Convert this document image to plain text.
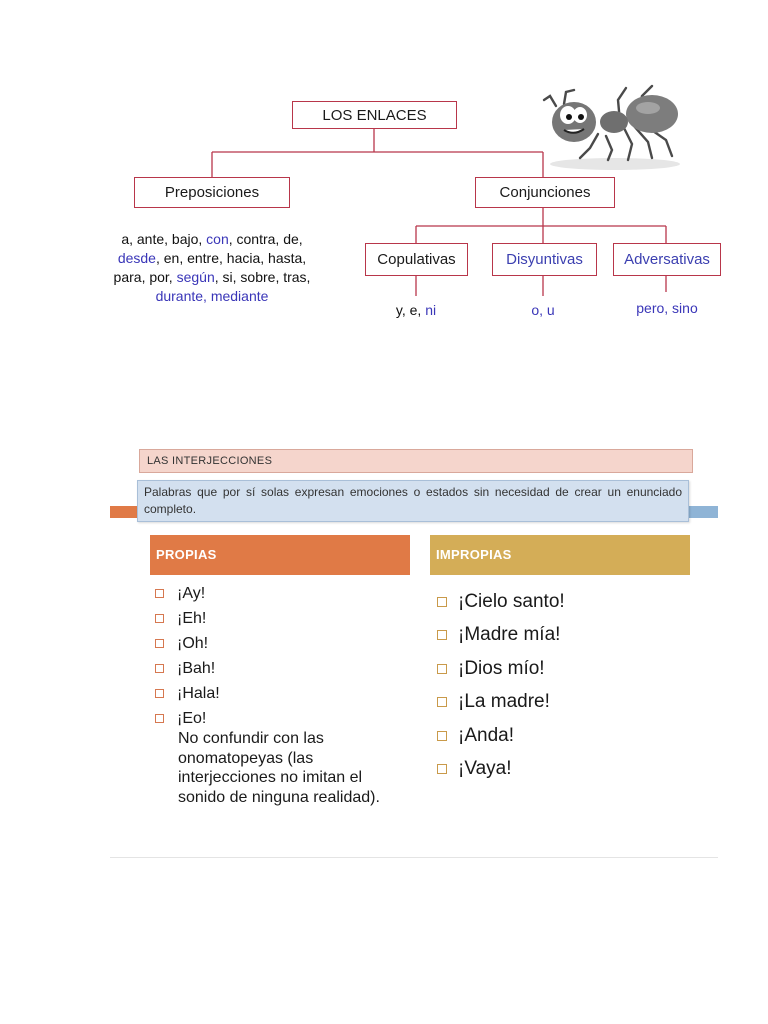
LOS ENLACES
Preposiciones	Conjunciones
Copulativas	Disyuntivas	Adversativas
a, ante, bajo, con, contra, de,
desde, en, entre, hacia, hasta,
para, por, según, si, sobre, tras,
durante, mediante
y, e, ni	o, u	pero, sino
LAS INTERJECCIONES
Palabras que por sí solas expresan emociones o estados sin necesidad de crear un enunciado completo.
PROPIAS	IMPROPIAS
¡Ay!
¡Eh!
¡Oh!
¡Bah!
¡Hala!
¡Eo!
No confundir con las onomatopeyas (las interjecciones no imitan el sonido de ninguna realidad).
¡Cielo santo!
¡Madre mía!
¡Dios mío!
¡La madre!
¡Anda!
¡Vaya!
